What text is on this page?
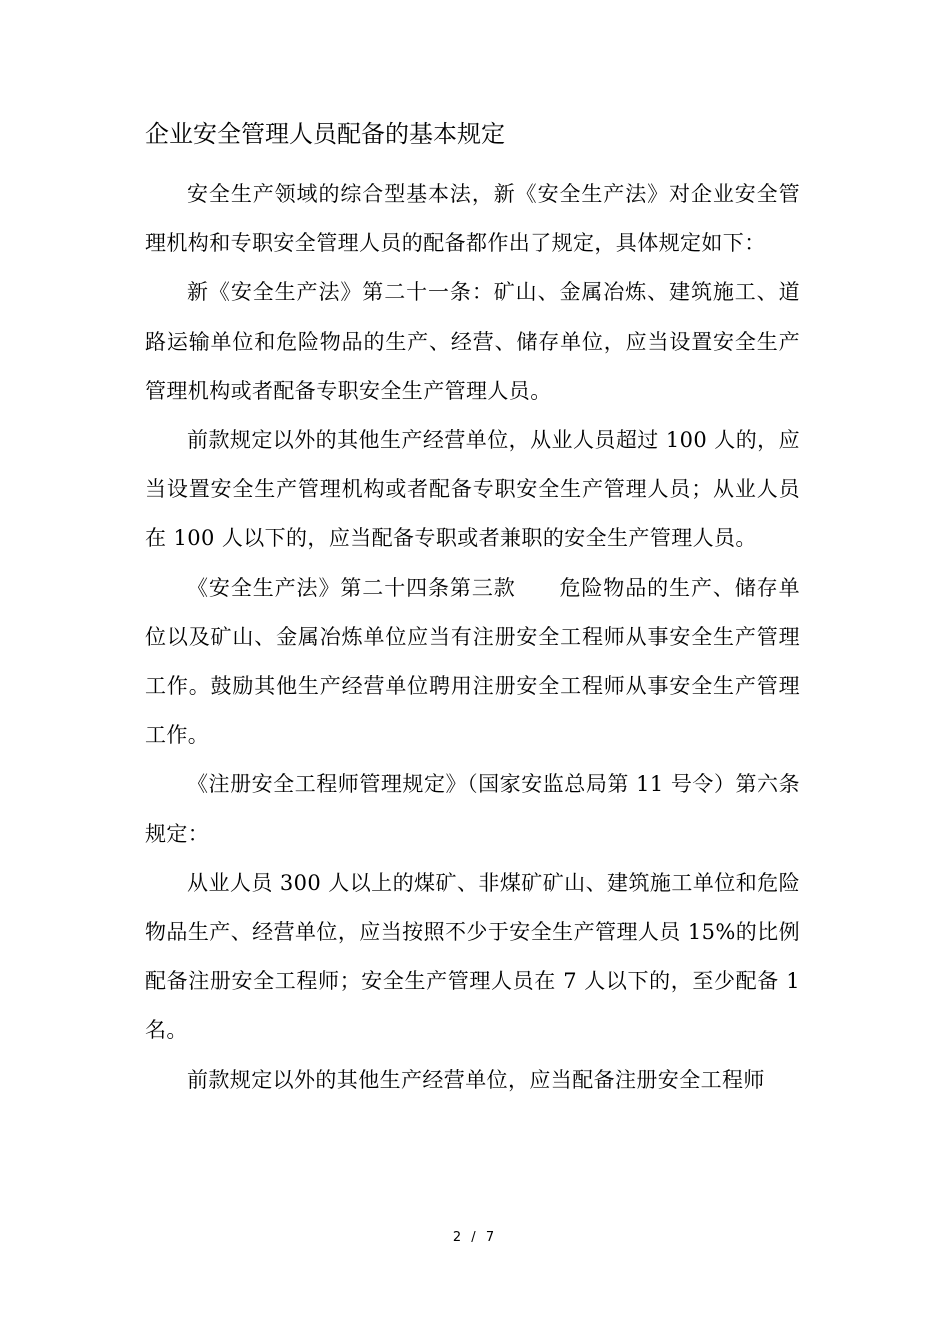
企业安全管理人员配备的基本规定

安全生产领域的综合型基本法，新《安全生产法》对企业安全管理机构和专职安全管理人员的配备都作出了规定，具体规定如下：

新《安全生产法》第二十一条：矿山、金属冶炼、建筑施工、道路运输单位和危险物品的生产、经营、储存单位，应当设置安全生产管理机构或者配备专职安全生产管理人员。

前款规定以外的其他生产经营单位，从业人员超过 100 人的，应当设置安全生产管理机构或者配备专职安全生产管理人员；从业人员在 100 人以下的，应当配备专职或者兼职的安全生产管理人员。

《安全生产法》第二十四条第三款　　危险物品的生产、储存单位以及矿山、金属冶炼单位应当有注册安全工程师从事安全生产管理工作。鼓励其他生产经营单位聘用注册安全工程师从事安全生产管理工作。

《注册安全工程师管理规定》（国家安监总局第 11 号令）第六条规定：

从业人员 300 人以上的煤矿、非煤矿矿山、建筑施工单位和危险物品生产、经营单位，应当按照不少于安全生产管理人员 15%的比例配备注册安全工程师；安全生产管理人员在 7 人以下的，至少配备 1 名。

前款规定以外的其他生产经营单位，应当配备注册安全工程师

2 / 7
